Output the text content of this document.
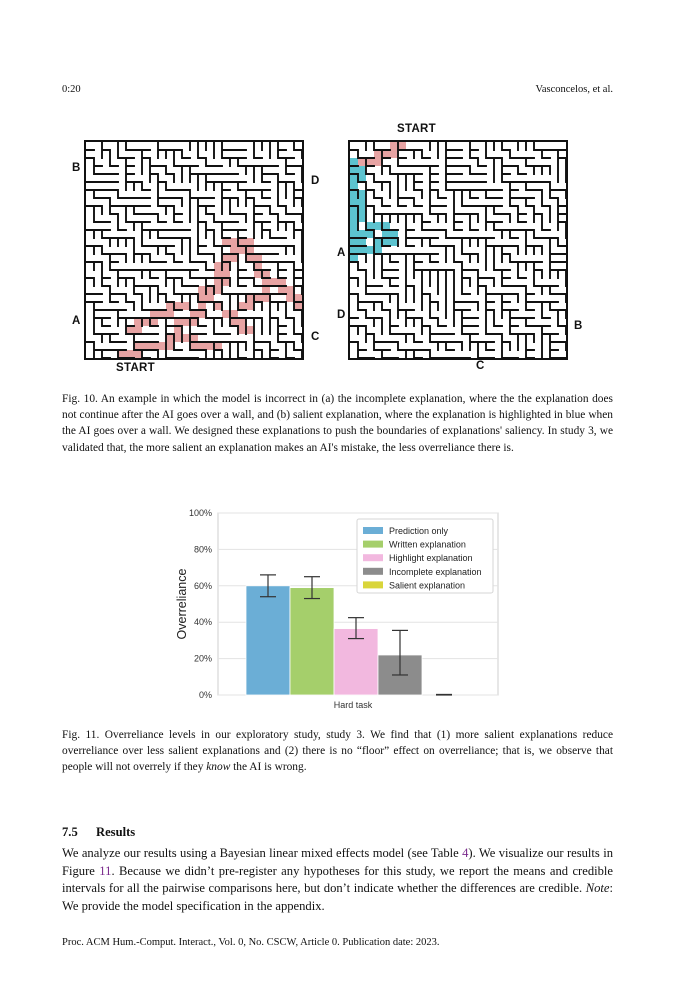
0:20	Vasconcelos, et al.
B
D
A
C
START
START
A
D
B
C
Fig. 10. An example in which the model is incorrect in (a) the incomplete explanation, where the the explanation does not continue after the AI goes over a wall, and (b) salient explanation, where the explanation is highlighted in blue when the AI goes over a wall. We designed these explanations to push the boundaries of explanations' saliency. In study 3, we validated that, the more salient an explanation makes an AI's mistake, the less overreliance there is.
0%
20%
40%
60%
80%
100%
Overreliance
Hard task
Prediction only
Written explanation
Highlight explanation
Incomplete explanation
Salient explanation
Fig. 11. Overreliance levels in our exploratory study, study 3. We find that (1) more salient explanations reduce overreliance over less salient explanations and (2) there is no “floor” effect on overreliance; that is, we observe that people will not overrely if they know the AI is wrong.
7.5 Results
We analyze our results using a Bayesian linear mixed effects model (see Table 4). We visualize our results in Figure 11. Because we didn’t pre-register any hypotheses for this study, we report the means and credible intervals for all the pairwise comparisons here, but don’t indicate whether the differences are credible. Note: We provide the model specification in the appendix.
Proc. ACM Hum.-Comput. Interact., Vol. 0, No. CSCW, Article 0. Publication date: 2023.
